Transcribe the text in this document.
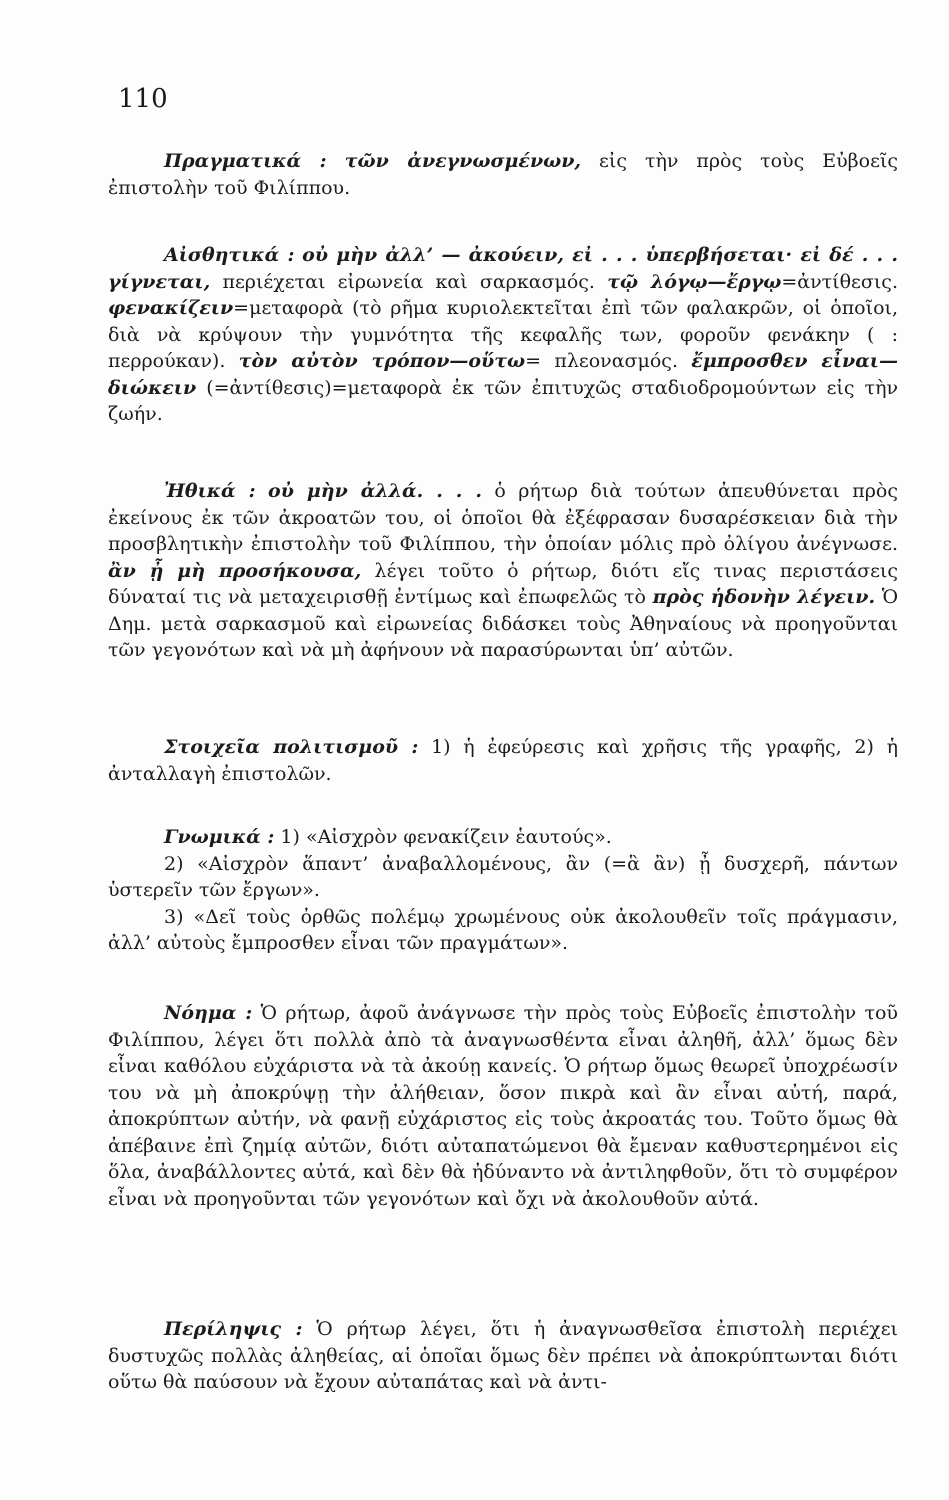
110
Πραγματικά : τῶν ἀνεγνωσμένων, εἰς τὴν πρὸς τοὺς Εὐβοεῖς ἐπιστολὴν τοῦ Φιλίππου.
Αἰσθητικά : οὐ μὴν ἀλλ’ — ἀκούειν, εἰ . . . ὑπερβήσεται· εἰ δέ . . . γίγνεται, περιέχεται εἰρωνεία καὶ σαρκασμός. τῷ λόγῳ—ἔργῳ=ἀντίθεσις. φενακίζειν=μεταφορὰ (τὸ ρῆμα κυριολεκτεῖται ἐπὶ τῶν φαλακρῶν, οἱ ὁποῖοι, διὰ νὰ κρύψουν τὴν γυμνότητα τῆς κεφαλῆς των, φοροῦν φενάκην ( : περρούκαν). τὸν αὐτὸν τρόπον—οὕτω= πλεονασμός. ἔμπροσθεν εἶναι—διώκειν (=ἀντίθεσις)=μεταφορὰ ἐκ τῶν ἐπιτυχῶς σταδιοδρομούντων εἰς τὴν ζωήν.
Ἠθικά : οὐ μὴν ἀλλά. . . . ὁ ρήτωρ διὰ τούτων ἀπευθύνεται πρὸς ἐκείνους ἐκ τῶν ἀκροατῶν του, οἱ ὁποῖοι θὰ ἐξέφρασαν δυσαρέσκειαν διὰ τὴν προσβλητικὴν ἐπιστολὴν τοῦ Φιλίππου, τὴν ὁποίαν μόλις πρὸ ὀλίγου ἀνέγνωσε. ἂν ᾖ μὴ προσήκουσα, λέγει τοῦτο ὁ ρήτωρ, διότι εἴς τινας περιστάσεις δύναταί τις νὰ μεταχειρισθῇ ἐντίμως καὶ ἐπωφελῶς τὸ πρὸς ἡδονὴν λέγειν. Ὁ Δημ. μετὰ σαρκασμοῦ καὶ εἰρωνείας διδάσκει τοὺς Ἀθηναίους νὰ προηγοῦνται τῶν γεγονότων καὶ νὰ μὴ ἀφήνουν νὰ παρασύρωνται ὑπ’ αὐτῶν.
Στοιχεῖα πολιτισμοῦ : 1) ἡ ἐφεύρεσις καὶ χρῆσις τῆς γραφῆς, 2) ἡ ἀνταλλαγὴ ἐπιστολῶν.
Γνωμικά : 1) «Αἰσχρὸν φενακίζειν ἑαυτούς».
2) «Αἰσχρὸν ἅπαντ’ ἀναβαλλομένους, ἂν (=ἃ ἂν) ᾖ δυσχερῆ, πάντων ὑστερεῖν τῶν ἔργων».
3) «Δεῖ τοὺς ὀρθῶς πολέμῳ χρωμένους οὐκ ἀκολουθεῖν τοῖς πράγμασιν, ἀλλ’ αὐτοὺς ἔμπροσθεν εἶναι τῶν πραγμάτων».
Νόημα : Ὁ ρήτωρ, ἀφοῦ ἀνάγνωσε τὴν πρὸς τοὺς Εὐβοεῖς ἐπιστολὴν τοῦ Φιλίππου, λέγει ὅτι πολλὰ ἀπὸ τὰ ἀναγνωσθέντα εἶναι ἀληθῆ, ἀλλ’ ὅμως δὲν εἶναι καθόλου εὐχάριστα νὰ τὰ ἀκούῃ κανείς. Ὁ ρήτωρ ὅμως θεωρεῖ ὑποχρέωσίν του νὰ μὴ ἀποκρύψῃ τὴν ἀλήθειαν, ὅσον πικρὰ καὶ ἂν εἶναι αὐτή, παρά, ἀποκρύπτων αὐτήν, νὰ φανῇ εὐχάριστος εἰς τοὺς ἀκροατάς του. Τοῦτο ὅμως θὰ ἀπέβαινε ἐπὶ ζημίᾳ αὐτῶν, διότι αὐταπατώμενοι θὰ ἔμεναν καθυστερημένοι εἰς ὅλα, ἀναβάλλοντες αὐτά, καὶ δὲν θὰ ἠδύναντο νὰ ἀντιληφθοῦν, ὅτι τὸ συμφέρον εἶναι νὰ προηγοῦνται τῶν γεγονότων καὶ ὄχι νὰ ἀκολουθοῦν αὐτά.
Περίληψις : Ὁ ρήτωρ λέγει, ὅτι ἡ ἀναγνωσθεῖσα ἐπιστολὴ περιέχει δυστυχῶς πολλὰς ἀληθείας, αἱ ὁποῖαι ὅμως δὲν πρέπει νὰ ἀποκρύπτωνται διότι οὕτω θὰ παύσουν νὰ ἔχουν αὐταπάτας καὶ νὰ ἀντι-
